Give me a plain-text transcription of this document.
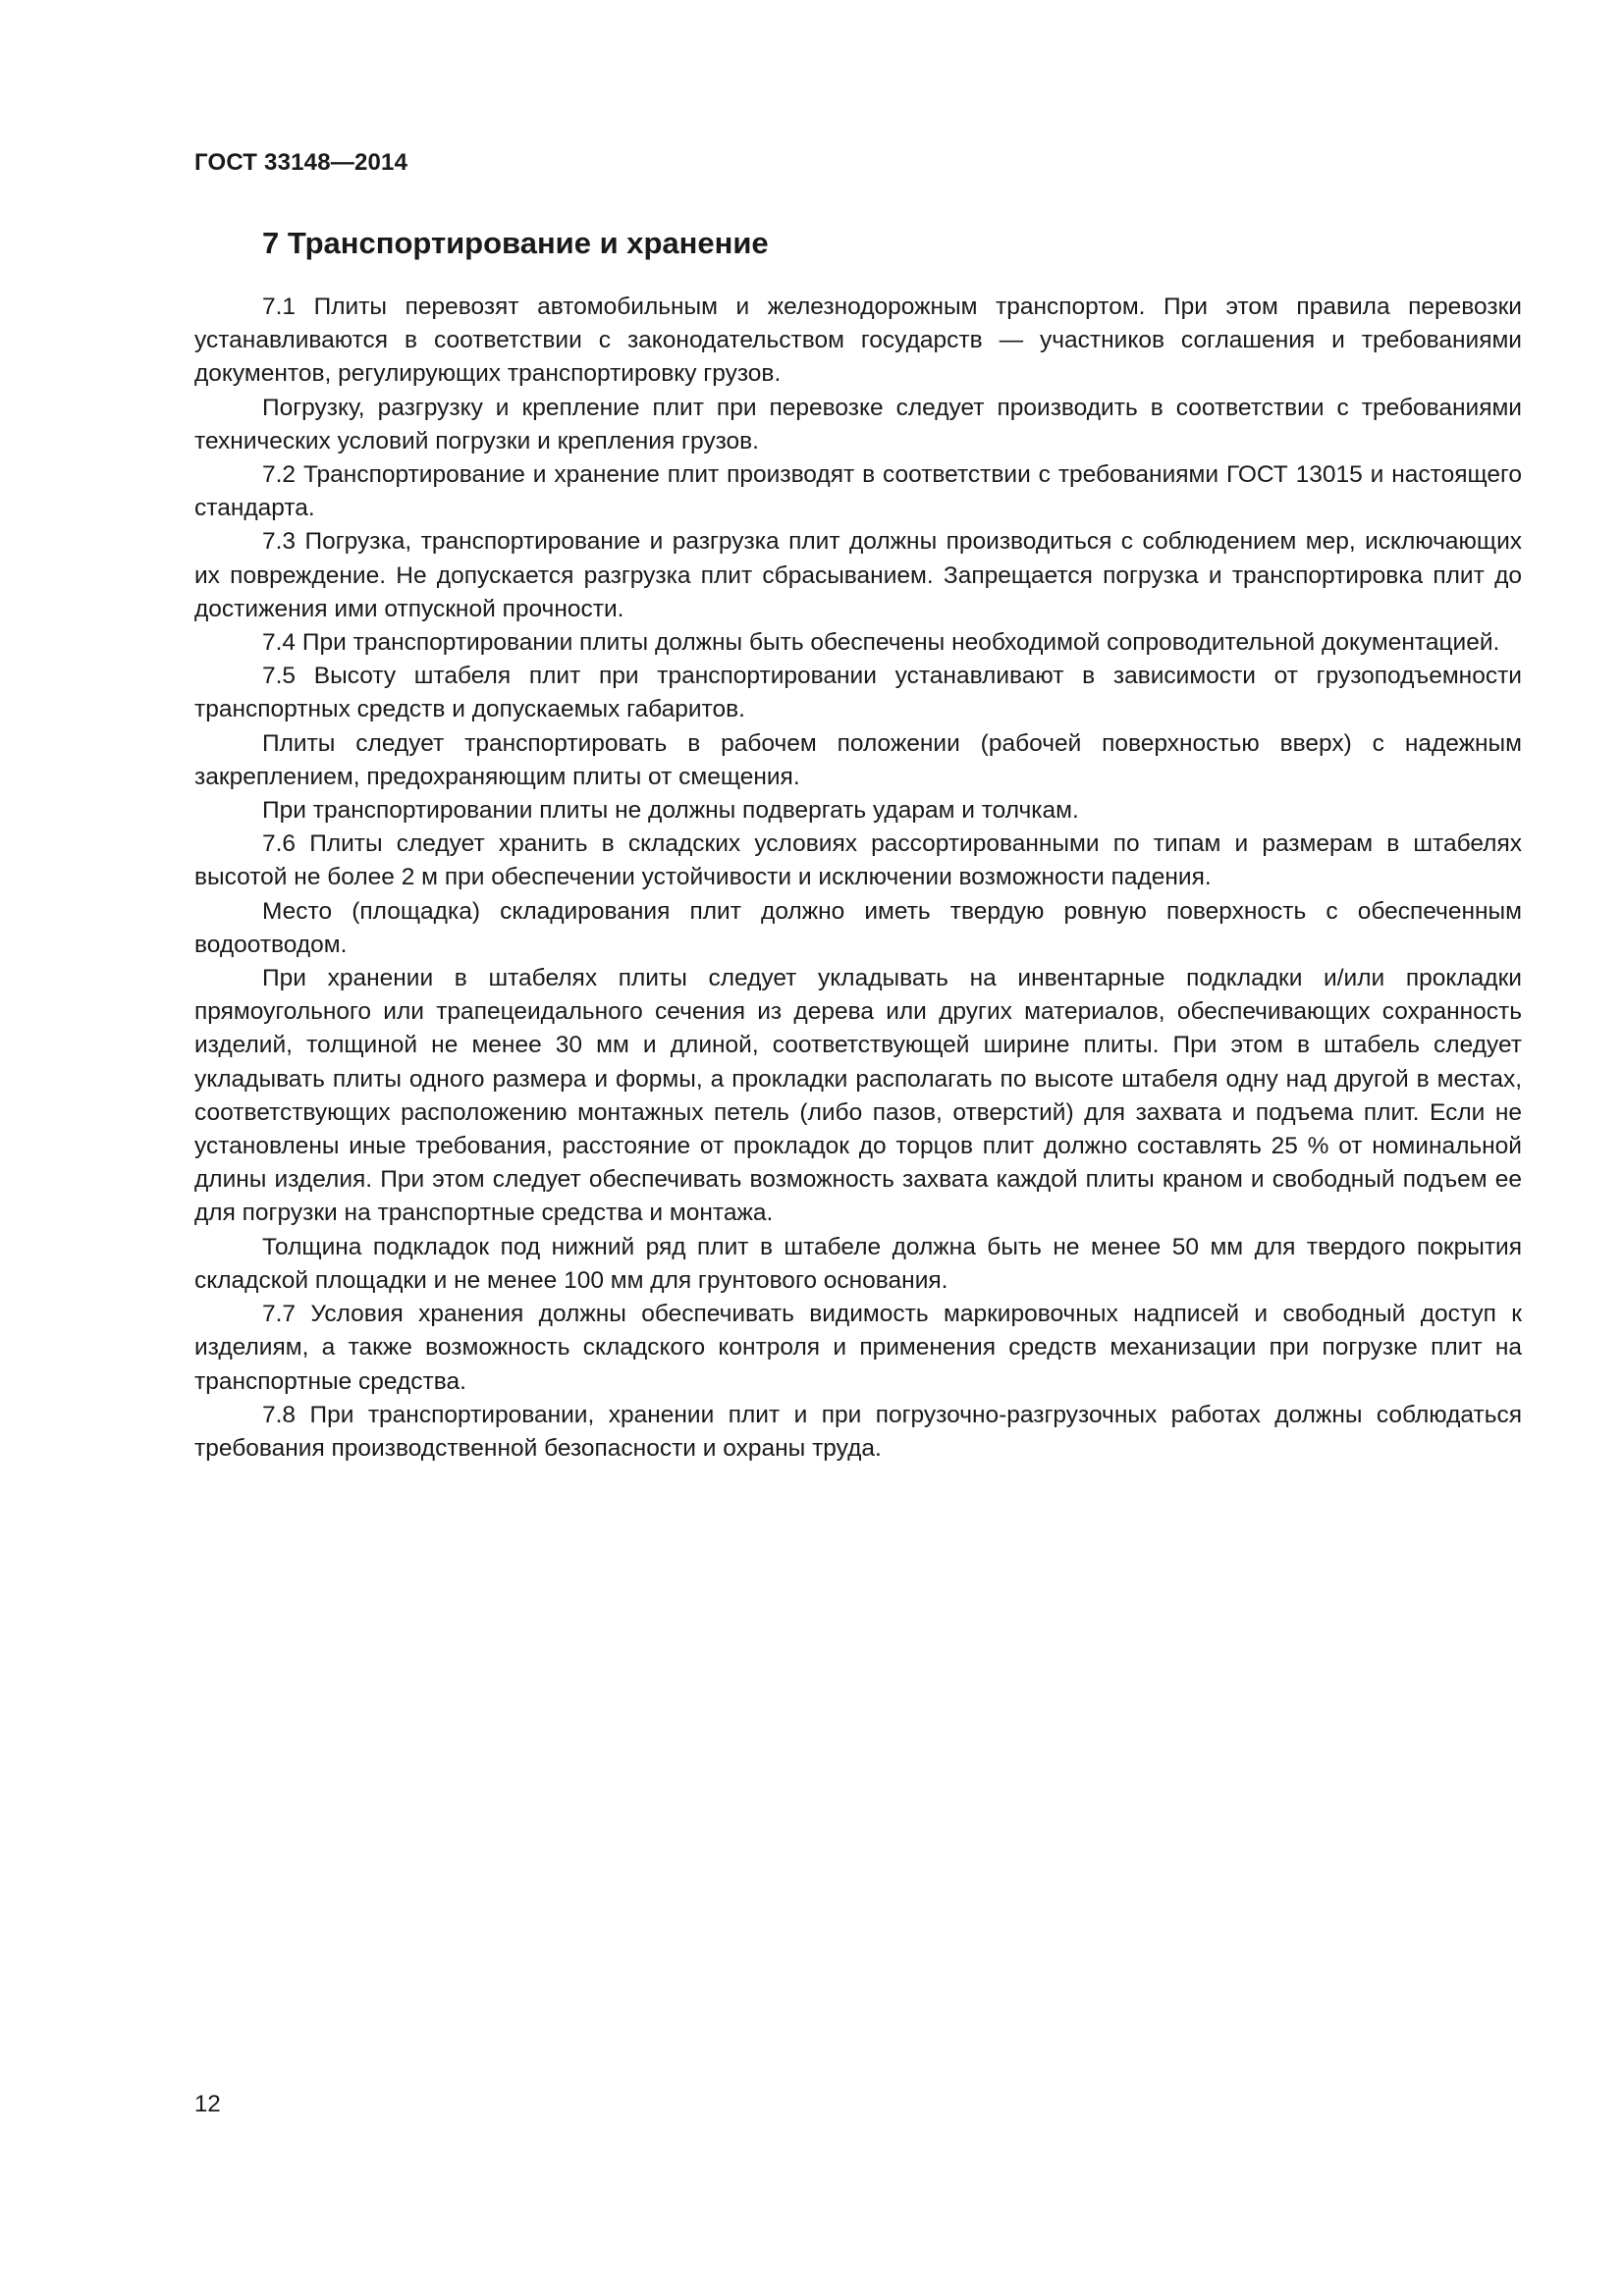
ГОСТ 33148—2014
7 Транспортирование и хранение

7.1 Плиты перевозят автомобильным и железнодорожным транспортом. При этом правила перевозки устанавливаются в соответствии с законодательством государств — участников соглашения и требованиями документов, регулирующих транспортировку грузов.

Погрузку, разгрузку и крепление плит при перевозке следует производить в соответствии с требованиями технических условий погрузки и крепления грузов.

7.2 Транспортирование и хранение плит производят в соответствии с требованиями ГОСТ 13015 и настоящего стандарта.

7.3 Погрузка, транспортирование и разгрузка плит должны производиться с соблюдением мер, исключающих их повреждение. Не допускается разгрузка плит сбрасыванием. Запрещается погрузка и транспортировка плит до достижения ими отпускной прочности.

7.4 При транспортировании плиты должны быть обеспечены необходимой сопроводительной документацией.

7.5 Высоту штабеля плит при транспортировании устанавливают в зависимости от грузоподъемности транспортных средств и допускаемых габаритов.

Плиты следует транспортировать в рабочем положении (рабочей поверхностью вверх) с надежным закреплением, предохраняющим плиты от смещения.

При транспортировании плиты не должны подвергать ударам и толчкам.

7.6 Плиты следует хранить в складских условиях рассортированными по типам и размерам в штабелях высотой не более 2 м при обеспечении устойчивости и исключении возможности падения.

Место (площадка) складирования плит должно иметь твердую ровную поверхность с обеспеченным водоотводом.

При хранении в штабелях плиты следует укладывать на инвентарные подкладки и/или прокладки прямоугольного или трапецеидального сечения из дерева или других материалов, обеспечивающих сохранность изделий, толщиной не менее 30 мм и длиной, соответствующей ширине плиты. При этом в штабель следует укладывать плиты одного размера и формы, а прокладки располагать по высоте штабеля одну над другой в местах, соответствующих расположению монтажных петель (либо пазов, отверстий) для захвата и подъема плит. Если не установлены иные требования, расстояние от прокладок до торцов плит должно составлять 25 % от номинальной длины изделия. При этом следует обеспечивать возможность захвата каждой плиты краном и свободный подъем ее для погрузки на транспортные средства и монтажа.

Толщина подкладок под нижний ряд плит в штабеле должна быть не менее 50 мм для твердого покрытия складской площадки и не менее 100 мм для грунтового основания.

7.7 Условия хранения должны обеспечивать видимость маркировочных надписей и свободный доступ к изделиям, а также возможность складского контроля и применения средств механизации при погрузке плит на транспортные средства.

7.8 При транспортировании, хранении плит и при погрузочно-разгрузочных работах должны соблюдаться требования производственной безопасности и охраны труда.

12
